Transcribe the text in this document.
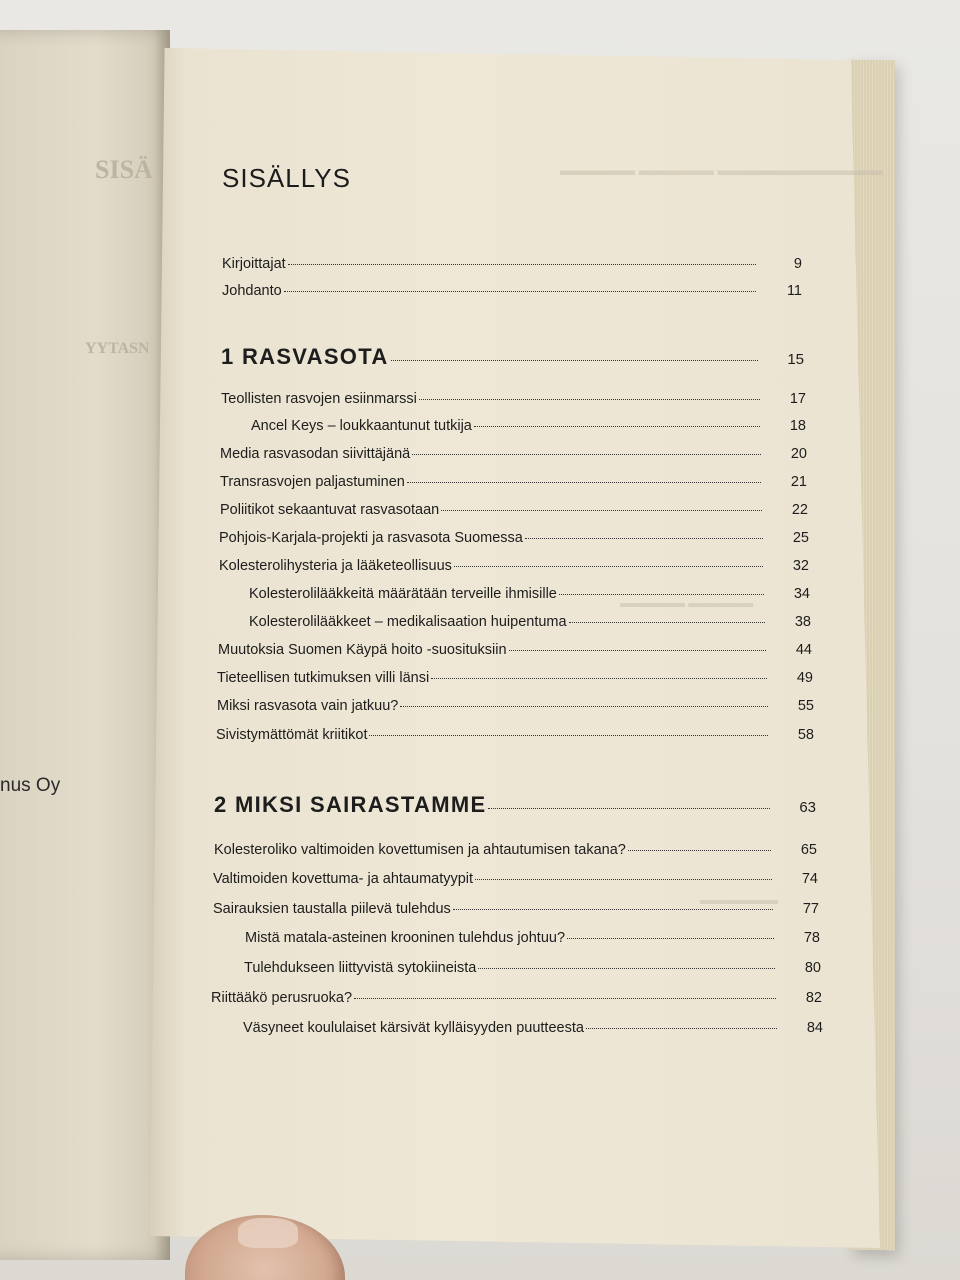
SISÄ
YYTASN
nus Oy
▬▬▬▬▬ ▬▬▬▬▬ ▬▬▬▬▬▬▬▬▬▬▬
▬▬▬▬▬ ▬▬▬▬▬
▬▬▬▬▬▬
SISÄLLYS
Kirjoittajat	9
Johdanto	11
1 RASVASOTA	15
Teollisten rasvojen esiinmarssi	17
Ancel Keys – loukkaantunut tutkija	18
Media rasvasodan siivittäjänä	20
Transrasvojen paljastuminen	21
Poliitikot sekaantuvat rasvasotaan	22
Pohjois-Karjala-projekti ja rasvasota Suomessa	25
Kolesterolihysteria ja lääketeollisuus	32
Kolesterolilääkkeitä määrätään terveille ihmisille	34
Kolesterolilääkkeet – medikalisaation huipentuma	38
Muutoksia Suomen Käypä hoito -suosituksiin	44
Tieteellisen tutkimuksen villi länsi	49
Miksi rasvasota vain jatkuu?	55
Sivistymättömät kriitikot	58
2 MIKSI SAIRASTAMME	63
Kolesteroliko valtimoiden kovettumisen ja ahtautumisen takana?	65
Valtimoiden kovettuma- ja ahtaumatyypit	74
Sairauksien taustalla piilevä tulehdus	77
Mistä matala-asteinen krooninen tulehdus johtuu?	78
Tulehdukseen liittyvistä sytokiineista	80
Riittääkö perusruoka?	82
Väsyneet koululaiset kärsivät kylläisyyden puutteesta	84
